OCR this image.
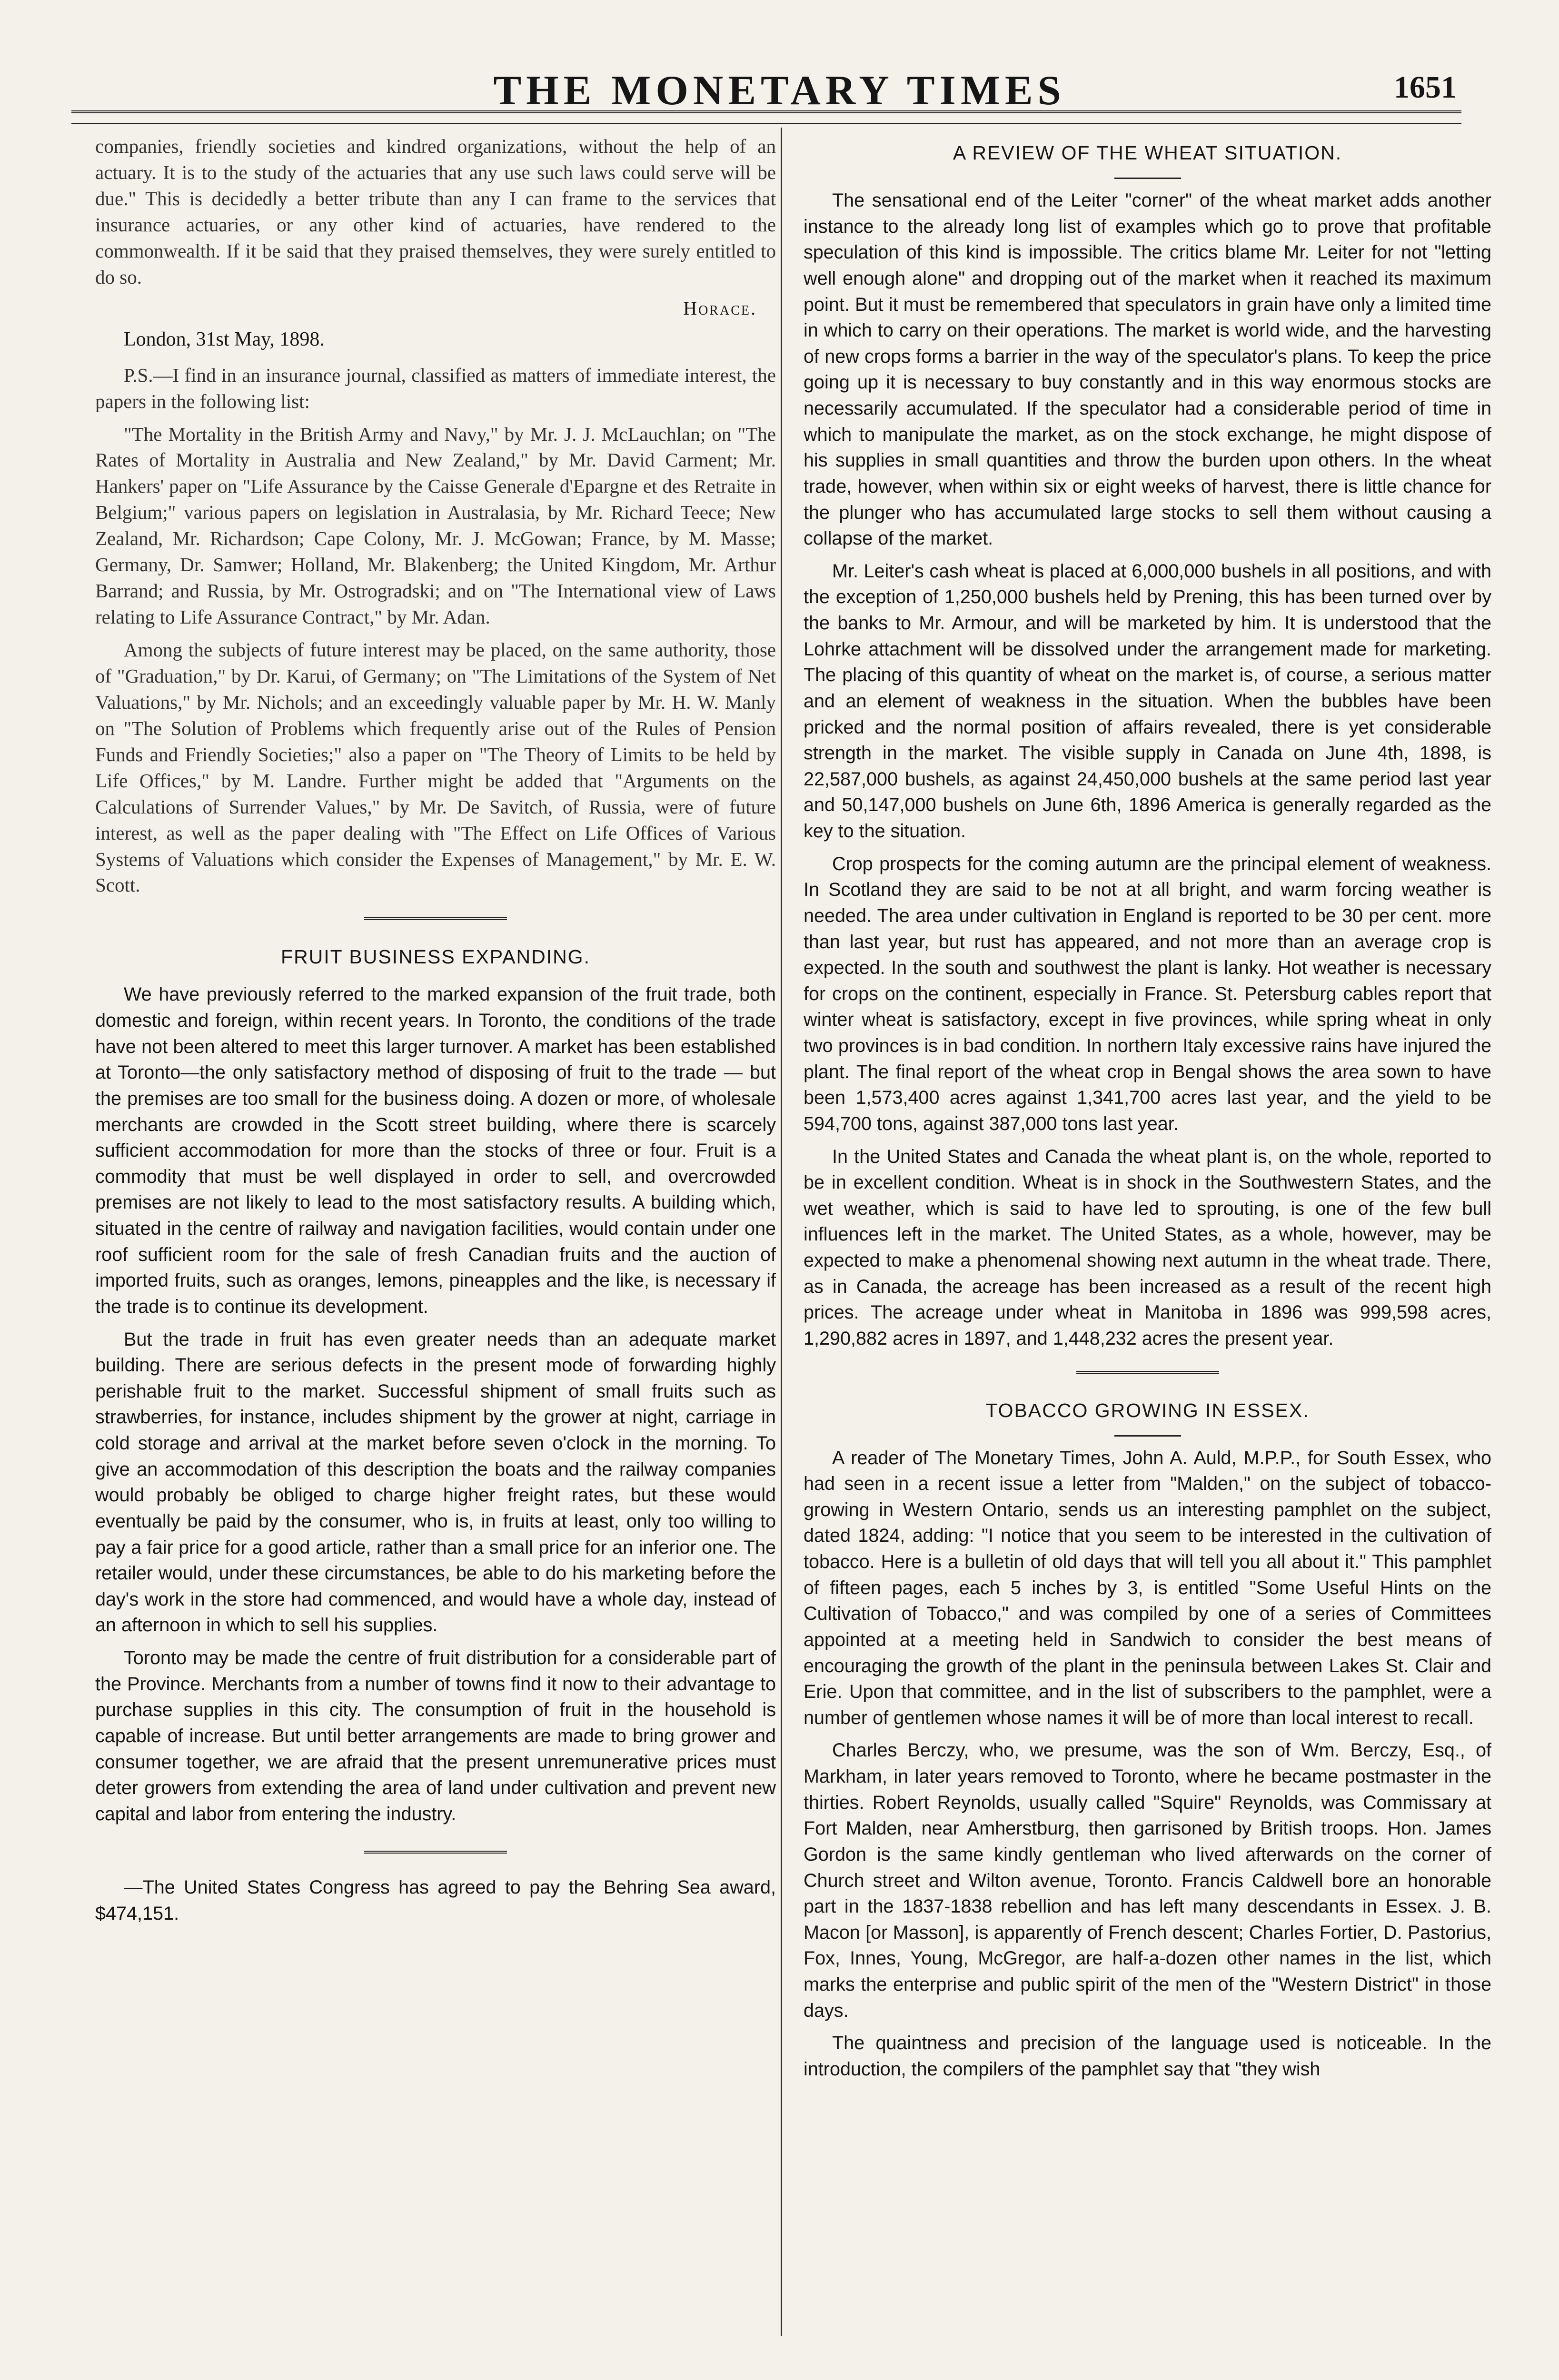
THE MONETARY TIMES	1651

companies, friendly societies and kindred organizations, without the help of an actuary. It is to the study of the actuaries that any use such laws could serve will be due." This is decidedly a better tribute than any I can frame to the services that insurance actuaries, or any other kind of actuaries, have rendered to the commonwealth. If it be said that they praised themselves, they were surely entitled to do so.

Horace.
London, 31st May, 1898.

P.S.—I find in an insurance journal, classified as matters of immediate interest, the papers in the following list:

"The Mortality in the British Army and Navy," by Mr. J. J. McLauchlan; on "The Rates of Mortality in Australia and New Zealand," by Mr. David Carment; Mr. Hankers' paper on "Life Assurance by the Caisse Generale d'Epargne et des Retraite in Belgium;" various papers on legislation in Australasia, by Mr. Richard Teece; New Zealand, Mr. Richardson; Cape Colony, Mr. J. McGowan; France, by M. Masse; Germany, Dr. Samwer; Holland, Mr. Blakenberg; the United Kingdom, Mr. Arthur Barrand; and Russia, by Mr. Ostrogradski; and on "The International view of Laws relating to Life Assurance Contract," by Mr. Adan.

Among the subjects of future interest may be placed, on the same authority, those of "Graduation," by Dr. Karui, of Germany; on "The Limitations of the System of Net Valuations," by Mr. Nichols; and an exceedingly valuable paper by Mr. H. W. Manly on "The Solution of Problems which frequently arise out of the Rules of Pension Funds and Friendly Societies;" also a paper on "The Theory of Limits to be held by Life Offices," by M. Landre. Further might be added that "Arguments on the Calculations of Surrender Values," by Mr. De Savitch, of Russia, were of future interest, as well as the paper dealing with "The Effect on Life Offices of Various Systems of Valuations which consider the Expenses of Management," by Mr. E. W. Scott.

FRUIT BUSINESS EXPANDING.

We have previously referred to the marked expansion of the fruit trade, both domestic and foreign, within recent years. In Toronto, the conditions of the trade have not been altered to meet this larger turnover. A market has been established at Toronto—the only satisfactory method of disposing of fruit to the trade — but the premises are too small for the business doing. A dozen or more, of wholesale merchants are crowded in the Scott street building, where there is scarcely sufficient accommodation for more than the stocks of three or four. Fruit is a commodity that must be well displayed in order to sell, and overcrowded premises are not likely to lead to the most satisfactory results. A building which, situated in the centre of railway and navigation facilities, would contain under one roof sufficient room for the sale of fresh Canadian fruits and the auction of imported fruits, such as oranges, lemons, pineapples and the like, is necessary if the trade is to continue its development.

But the trade in fruit has even greater needs than an adequate market building. There are serious defects in the present mode of forwarding highly perishable fruit to the market. Successful shipment of small fruits such as strawberries, for instance, includes shipment by the grower at night, carriage in cold storage and arrival at the market before seven o'clock in the morning. To give an accommodation of this description the boats and the railway companies would probably be obliged to charge higher freight rates, but these would eventually be paid by the consumer, who is, in fruits at least, only too willing to pay a fair price for a good article, rather than a small price for an inferior one. The retailer would, under these circumstances, be able to do his marketing before the day's work in the store had commenced, and would have a whole day, instead of an afternoon in which to sell his supplies.

Toronto may be made the centre of fruit distribution for a considerable part of the Province. Merchants from a number of towns find it now to their advantage to purchase supplies in this city. The consumption of fruit in the household is capable of increase. But until better arrangements are made to bring grower and consumer together, we are afraid that the present unremunerative prices must deter growers from extending the area of land under cultivation and prevent new capital and labor from entering the industry.

—The United States Congress has agreed to pay the Behring Sea award, $474,151.

A REVIEW OF THE WHEAT SITUATION.

The sensational end of the Leiter "corner" of the wheat market adds another instance to the already long list of examples which go to prove that profitable speculation of this kind is impossible. The critics blame Mr. Leiter for not "letting well enough alone" and dropping out of the market when it reached its maximum point. But it must be remembered that speculators in grain have only a limited time in which to carry on their operations. The market is world wide, and the harvesting of new crops forms a barrier in the way of the speculator's plans. To keep the price going up it is necessary to buy constantly and in this way enormous stocks are necessarily accumulated. If the speculator had a considerable period of time in which to manipulate the market, as on the stock exchange, he might dispose of his supplies in small quantities and throw the burden upon others. In the wheat trade, however, when within six or eight weeks of harvest, there is little chance for the plunger who has accumulated large stocks to sell them without causing a collapse of the market.

Mr. Leiter's cash wheat is placed at 6,000,000 bushels in all positions, and with the exception of 1,250,000 bushels held by Prening, this has been turned over by the banks to Mr. Armour, and will be marketed by him. It is understood that the Lohrke attachment will be dissolved under the arrangement made for marketing. The placing of this quantity of wheat on the market is, of course, a serious matter and an element of weakness in the situation. When the bubbles have been pricked and the normal position of affairs revealed, there is yet considerable strength in the market. The visible supply in Canada on June 4th, 1898, is 22,587,000 bushels, as against 24,450,000 bushels at the same period last year and 50,147,000 bushels on June 6th, 1896 America is generally regarded as the key to the situation.

Crop prospects for the coming autumn are the principal element of weakness. In Scotland they are said to be not at all bright, and warm forcing weather is needed. The area under cultivation in England is reported to be 30 per cent. more than last year, but rust has appeared, and not more than an average crop is expected. In the south and southwest the plant is lanky. Hot weather is necessary for crops on the continent, especially in France. St. Petersburg cables report that winter wheat is satisfactory, except in five provinces, while spring wheat in only two provinces is in bad condition. In northern Italy excessive rains have injured the plant. The final report of the wheat crop in Bengal shows the area sown to have been 1,573,400 acres against 1,341,700 acres last year, and the yield to be 594,700 tons, against 387,000 tons last year.

In the United States and Canada the wheat plant is, on the whole, reported to be in excellent condition. Wheat is in shock in the Southwestern States, and the wet weather, which is said to have led to sprouting, is one of the few bull influences left in the market. The United States, as a whole, however, may be expected to make a phenomenal showing next autumn in the wheat trade. There, as in Canada, the acreage has been increased as a result of the recent high prices. The acreage under wheat in Manitoba in 1896 was 999,598 acres, 1,290,882 acres in 1897, and 1,448,232 acres the present year.

TOBACCO GROWING IN ESSEX.

A reader of The Monetary Times, John A. Auld, M.P.P., for South Essex, who had seen in a recent issue a letter from "Malden," on the subject of tobacco-growing in Western Ontario, sends us an interesting pamphlet on the subject, dated 1824, adding: "I notice that you seem to be interested in the cultivation of tobacco. Here is a bulletin of old days that will tell you all about it." This pamphlet of fifteen pages, each 5 inches by 3, is entitled "Some Useful Hints on the Cultivation of Tobacco," and was compiled by one of a series of Committees appointed at a meeting held in Sandwich to consider the best means of encouraging the growth of the plant in the peninsula between Lakes St. Clair and Erie. Upon that committee, and in the list of subscribers to the pamphlet, were a number of gentlemen whose names it will be of more than local interest to recall.

Charles Berczy, who, we presume, was the son of Wm. Berczy, Esq., of Markham, in later years removed to Toronto, where he became postmaster in the thirties. Robert Reynolds, usually called "Squire" Reynolds, was Commissary at Fort Malden, near Amherstburg, then garrisoned by British troops. Hon. James Gordon is the same kindly gentleman who lived afterwards on the corner of Church street and Wilton avenue, Toronto. Francis Caldwell bore an honorable part in the 1837-1838 rebellion and has left many descendants in Essex. J. B. Macon [or Masson], is apparently of French descent; Charles Fortier, D. Pastorius, Fox, Innes, Young, McGregor, are half-a-dozen other names in the list, which marks the enterprise and public spirit of the men of the "Western District" in those days.

The quaintness and precision of the language used is noticeable. In the introduction, the compilers of the pamphlet say that "they wish
